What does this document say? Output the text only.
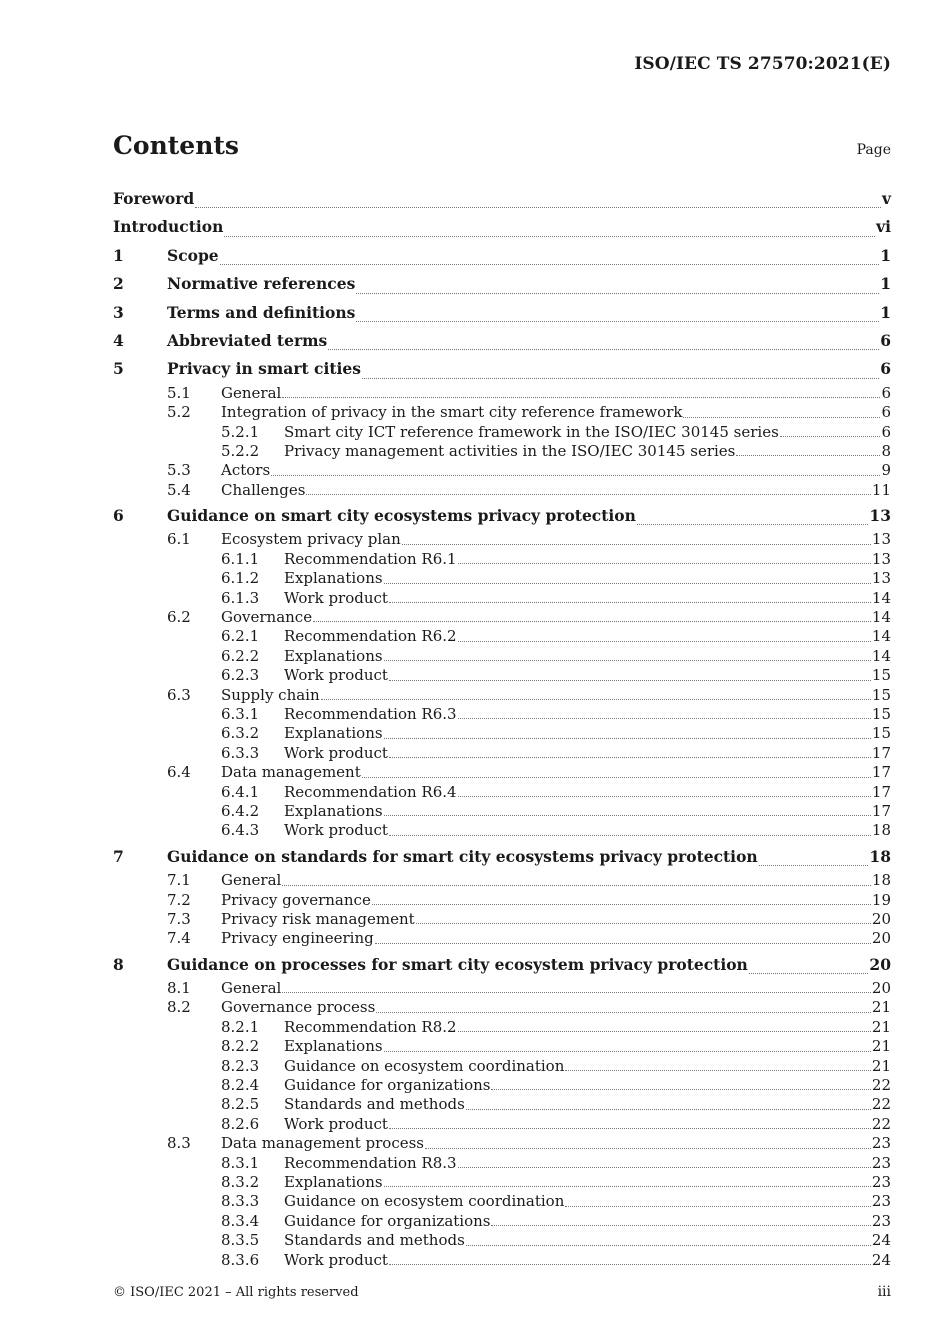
ISO/IEC TS 27570:2021(E)
Contents	Page
Foreword	v
Introduction	vi
1	Scope	1
2	Normative references	1
3	Terms and definitions	1
4	Abbreviated terms	6
5	Privacy in smart cities	6
5.1	General	6
5.2	Integration of privacy in the smart city reference framework	6
5.2.1	Smart city ICT reference framework in the ISO/IEC 30145 series	6
5.2.2	Privacy management activities in the ISO/IEC 30145 series	8
5.3	Actors	9
5.4	Challenges	11
6	Guidance on smart city ecosystems privacy protection	13
6.1	Ecosystem privacy plan	13
6.1.1	Recommendation R6.1	13
6.1.2	Explanations	13
6.1.3	Work product	14
6.2	Governance	14
6.2.1	Recommendation R6.2	14
6.2.2	Explanations	14
6.2.3	Work product	15
6.3	Supply chain	15
6.3.1	Recommendation R6.3	15
6.3.2	Explanations	15
6.3.3	Work product	17
6.4	Data management	17
6.4.1	Recommendation R6.4	17
6.4.2	Explanations	17
6.4.3	Work product	18
7	Guidance on standards for smart city ecosystems privacy protection	18
7.1	General	18
7.2	Privacy governance	19
7.3	Privacy risk management	20
7.4	Privacy engineering	20
8	Guidance on processes for smart city ecosystem privacy protection	20
8.1	General	20
8.2	Governance process	21
8.2.1	Recommendation R8.2	21
8.2.2	Explanations	21
8.2.3	Guidance on ecosystem coordination	21
8.2.4	Guidance for organizations	22
8.2.5	Standards and methods	22
8.2.6	Work product	22
8.3	Data management process	23
8.3.1	Recommendation R8.3	23
8.3.2	Explanations	23
8.3.3	Guidance on ecosystem coordination	23
8.3.4	Guidance for organizations	23
8.3.5	Standards and methods	24
8.3.6	Work product	24
© ISO/IEC 2021 – All rights reserved	iii
